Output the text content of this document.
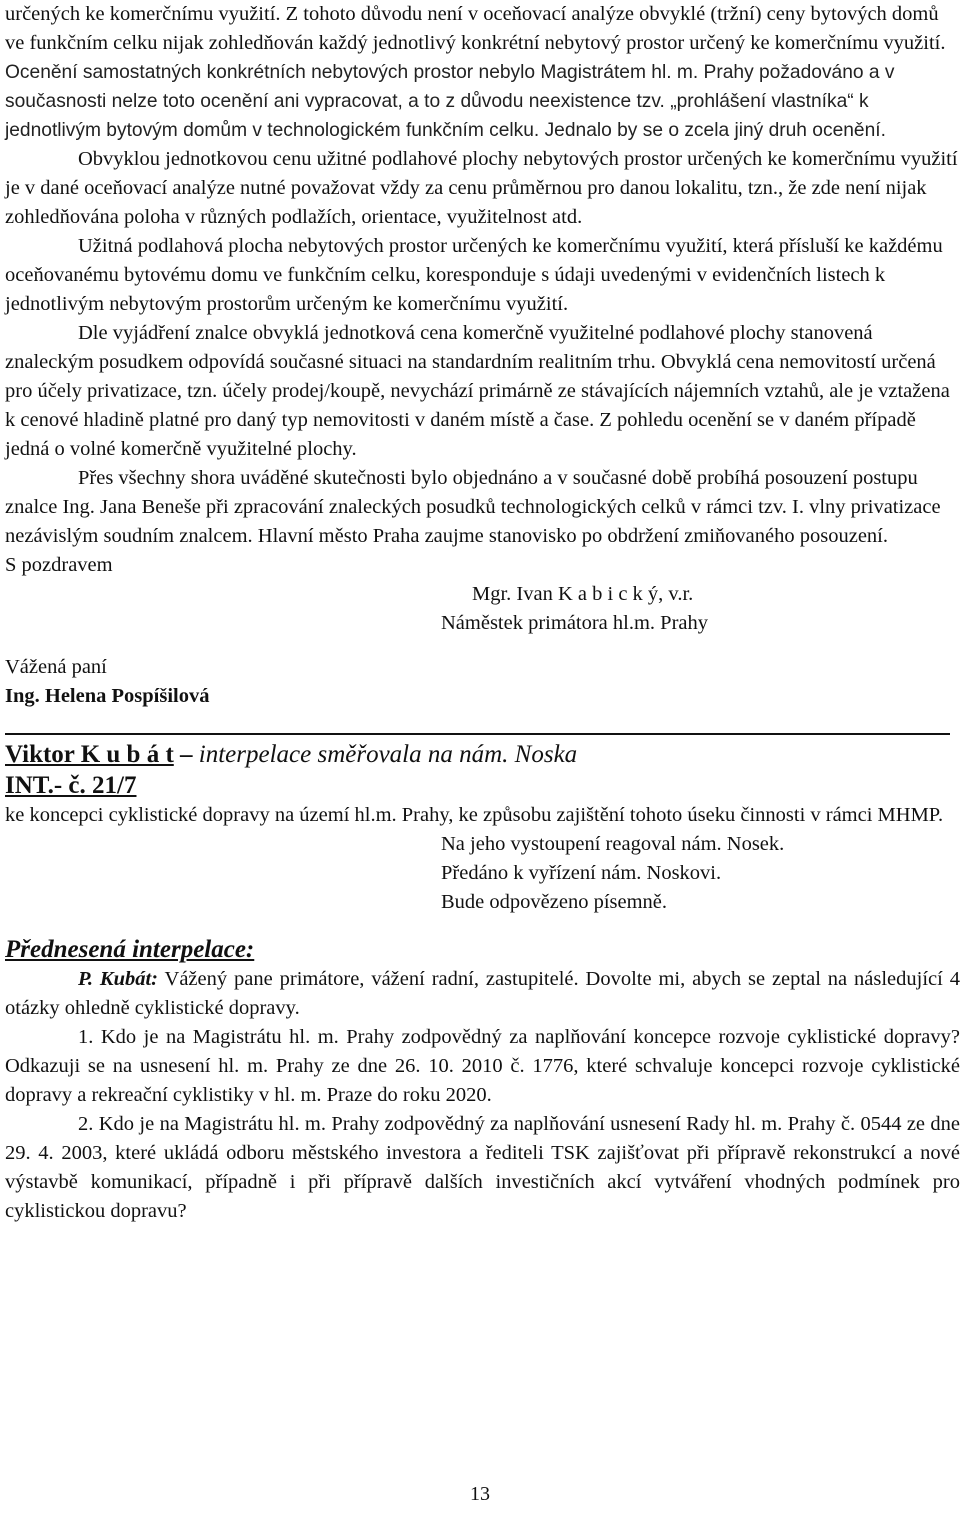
určených ke komerčnímu využití. Z tohoto důvodu není v oceňovací analýze obvyklé (tržní) ceny bytových domů ve funkčním celku nijak zohledňován každý jednotlivý konkrétní nebytový prostor určený ke komerčnímu využití. Ocenění samostatných konkrétních nebytových prostor nebylo Magistrátem hl. m. Prahy požadováno a v současnosti nelze toto ocenění ani vypracovat, a to z důvodu neexistence tzv. „prohlášení vlastníka“ k jednotlivým bytovým domům v technologickém funkčním celku. Jednalo by se o zcela jiný druh ocenění.

Obvyklou jednotkovou cenu užitné podlahové plochy nebytových prostor určených ke komerčnímu využití je v dané oceňovací analýze nutné považovat vždy za cenu průměrnou pro danou lokalitu, tzn., že zde není nijak zohledňována poloha v různých podlažích, orientace, využitelnost atd.

Užitná podlahová plocha nebytových prostor určených ke komerčnímu využití, která přísluší ke každému oceňovanému bytovému domu ve funkčním celku, koresponduje s údaji uvedenými v evidenčních listech k jednotlivým nebytovým prostorům určeným ke komerčnímu využití.

Dle vyjádření znalce obvyklá jednotková cena komerčně využitelné podlahové plochy stanovená znaleckým posudkem odpovídá současné situaci na standardním realitním trhu. Obvyklá cena nemovitostí určená pro účely privatizace, tzn. účely prodej/koupě, nevychází primárně ze stávajících nájemních vztahů, ale je vztažena k cenové hladině platné pro daný typ nemovitosti v daném místě a čase. Z pohledu ocenění se v daném případě jedná o volné komerčně využitelné plochy.

Přes všechny shora uváděné skutečnosti bylo objednáno a v současné době probíhá posouzení postupu znalce Ing. Jana Beneše při zpracování znaleckých posudků technologických celků v rámci tzv. I. vlny privatizace nezávislým soudním znalcem. Hlavní město Praha zaujme stanovisko po obdržení zmiňovaného posouzení.

S pozdravem

Mgr. Ivan K a b i c k ý, v.r.

Náměstek primátora hl.m. Prahy

Vážená paní

Ing. Helena Pospíšilová

Viktor K u b á t – interpelace směřovala na nám. Noska

INT.- č. 21/7

ke koncepci cyklistické dopravy na území hl.m. Prahy, ke způsobu zajištění tohoto úseku činnosti v rámci MHMP.

Na jeho vystoupení reagoval nám. Nosek.

Předáno k vyřízení nám. Noskovi.

Bude odpovězeno písemně.

Přednesená interpelace:

P. Kubát: Vážený pane primátore, vážení radní, zastupitelé. Dovolte mi, abych se zeptal na následující 4 otázky ohledně cyklistické dopravy.

1. Kdo je na Magistrátu hl. m. Prahy zodpovědný za naplňování koncepce rozvoje cyklistické dopravy? Odkazuji se na usnesení hl. m. Prahy ze dne 26. 10. 2010 č. 1776, které schvaluje koncepci rozvoje cyklistické dopravy a rekreační cyklistiky v hl. m. Praze do roku 2020.

2. Kdo je na Magistrátu hl. m. Prahy zodpovědný za naplňování usnesení Rady hl. m. Prahy č. 0544 ze dne 29. 4. 2003, které ukládá odboru městského investora a řediteli TSK zajišťovat při přípravě rekonstrukcí a nové výstavbě komunikací, případně i při přípravě dalších investičních akcí vytváření vhodných podmínek pro cyklistickou dopravu?

13
